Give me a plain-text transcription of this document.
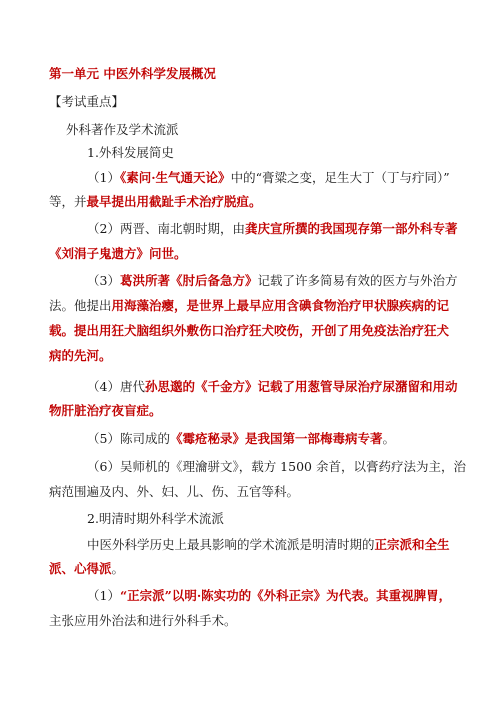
第一单元 中医外科学发展概况
【考试重点】
外科著作及学术流派
1.外科发展简史
（1）《素问·生气通天论》中的“膏粱之变，足生大丁（丁与疔同）”
等，并最早提出用截趾手术治疗脱疽。
（2）两晋、南北朝时期，由龚庆宣所撰的我国现存第一部外科专著
《刘涓子鬼遗方》问世。
（3）葛洪所著《肘后备急方》记载了许多简易有效的医方与外治方
法。他提出用海藻治瘿，是世界上最早应用含碘食物治疗甲状腺疾病的记
载。提出用狂犬脑组织外敷伤口治疗狂犬咬伤，开创了用免疫法治疗狂犬
病的先河。
（4）唐代孙思邈的《千金方》记载了用葱管导尿治疗尿潴留和用动
物肝脏治疗夜盲症。
（5）陈司成的《霉疮秘录》是我国第一部梅毒病专著。
（6）吴师机的《理瀹骈文》，载方 1500 余首，以膏药疗法为主，治
病范围遍及内、外、妇、儿、伤、五官等科。
2.明清时期外科学术流派
中医外科学历史上最具影响的学术流派是明清时期的正宗派和全生
派、心得派。
（1）“正宗派”以明·陈实功的《外科正宗》为代表。其重视脾胃，
主张应用外治法和进行外科手术。
